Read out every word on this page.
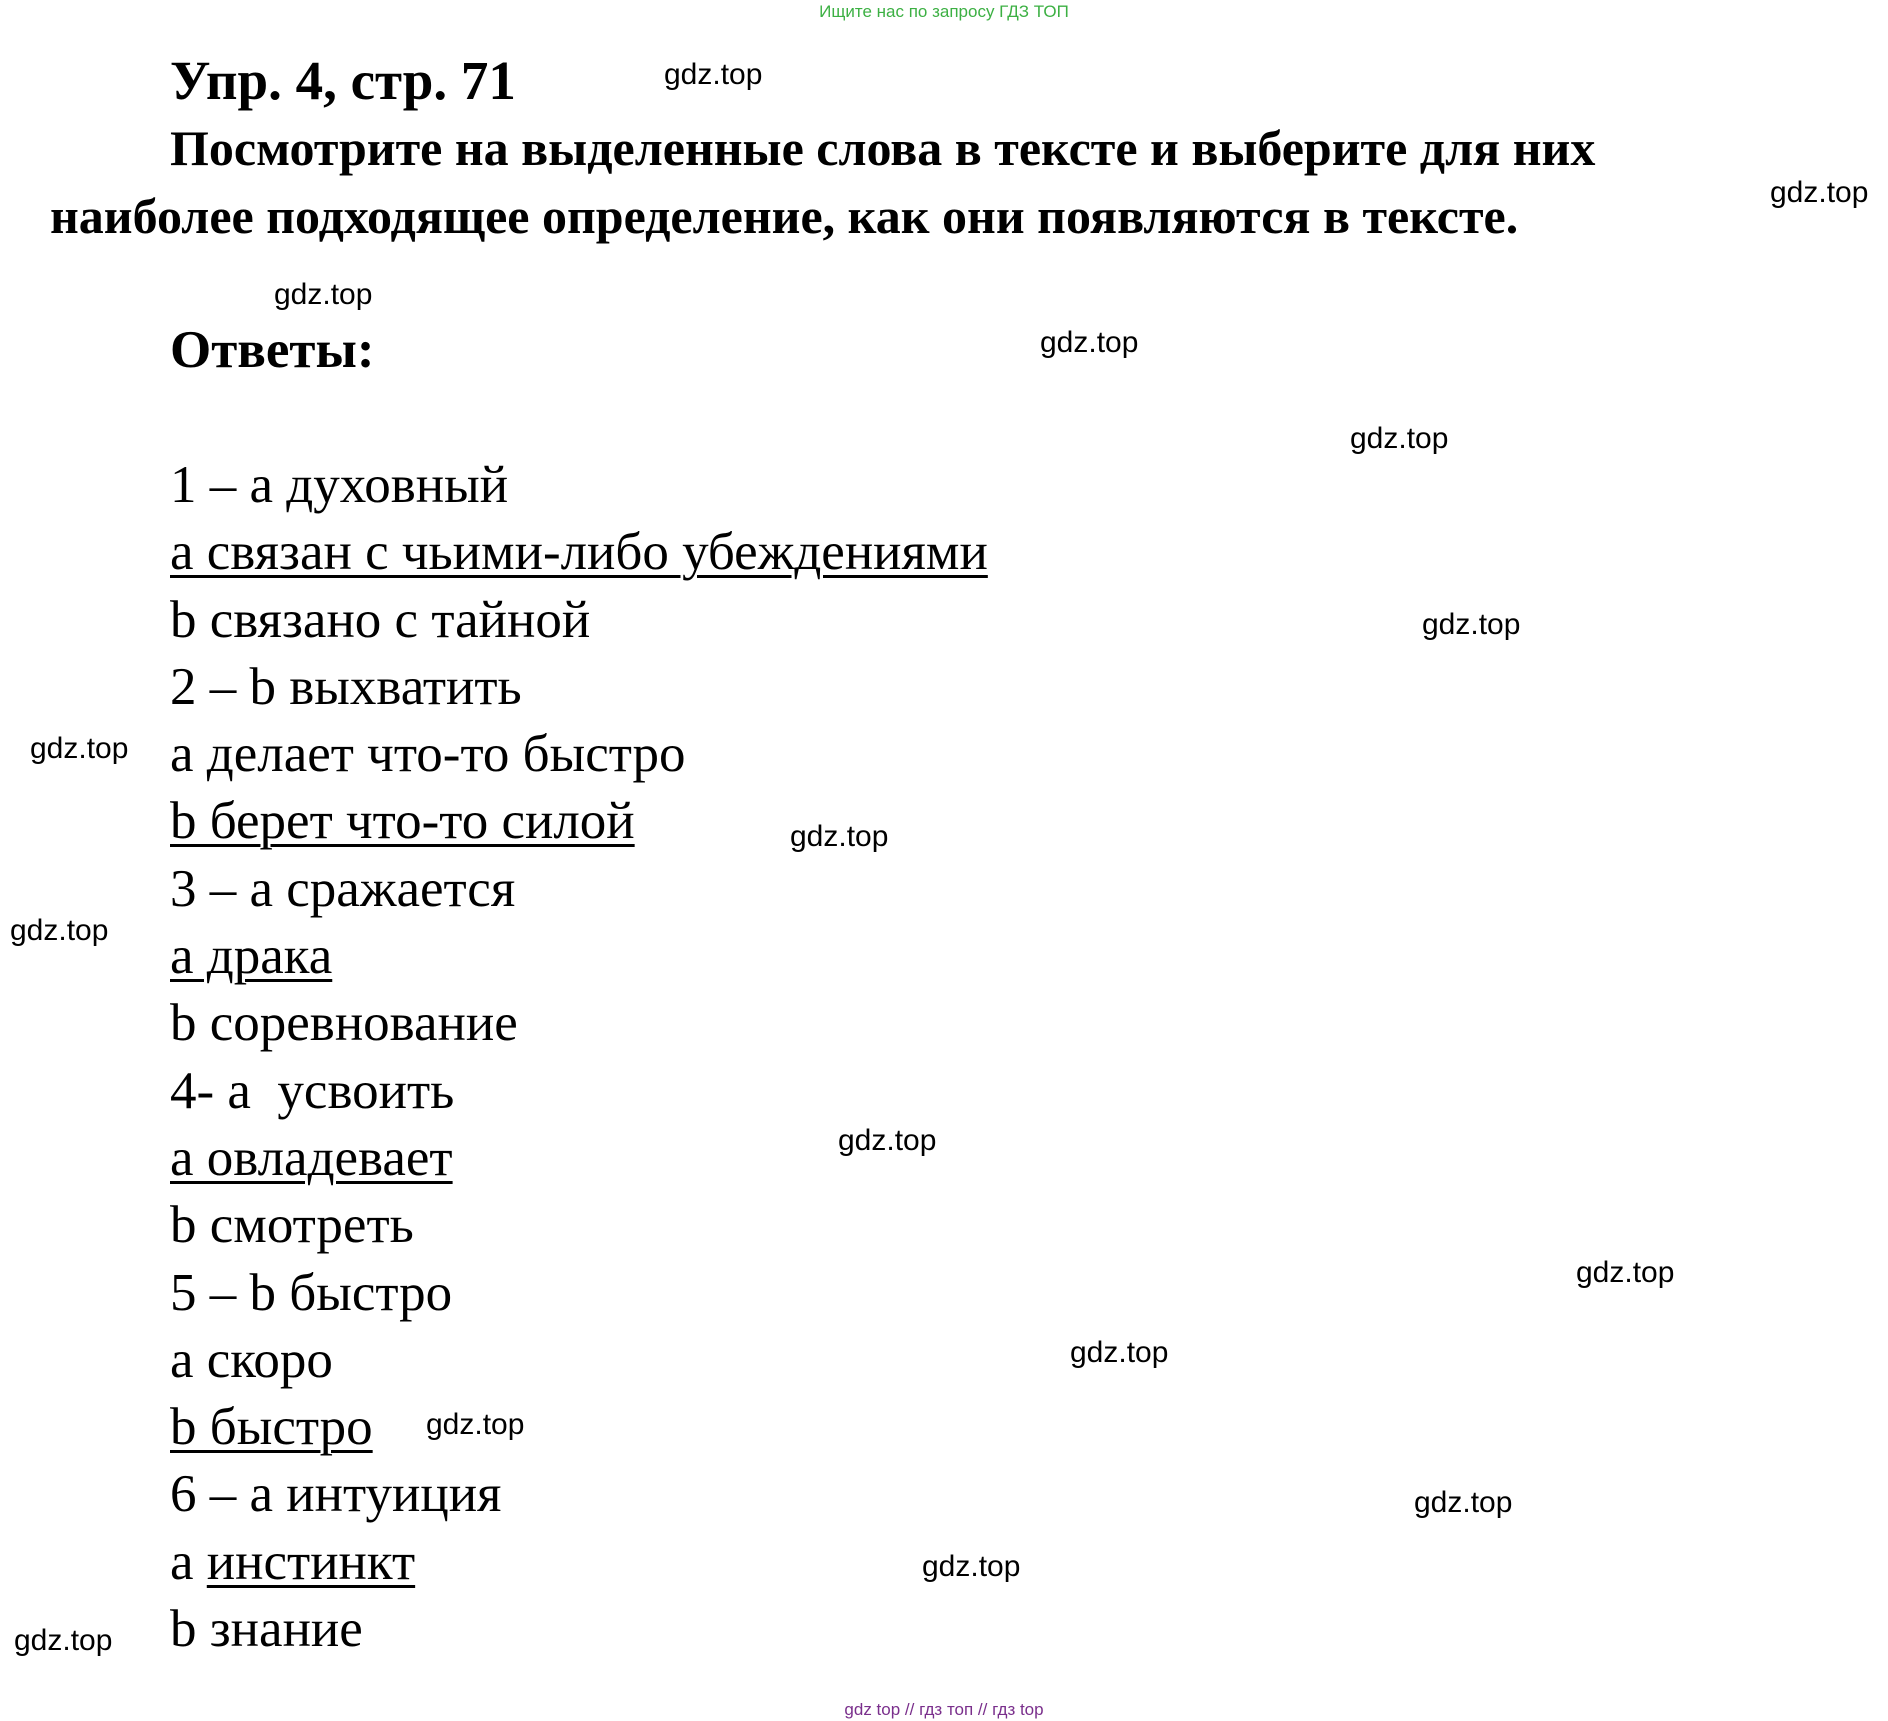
Ищите нас по запросу ГДЗ ТОП
Упр. 4, стр. 71
Посмотрите на выделенные слова в тексте и выберите для них
наиболее подходящее определение, как они появляются в тексте.
Ответы:
1 – a духовный
a связан с чьими-либо убеждениями
b связано с тайной
2 – b выхватить
a делает что-то быстро
b берет что-то силой
3 – a сражается
a драка
b соревнование
4- a  усвоить
a овладевает
b смотреть
5 – b быстро
a скоро
b быстро
6 – a интуиция
a инстинкт
b знание
gdz.top
gdz.top
gdz.top
gdz.top
gdz.top
gdz.top
gdz.top
gdz.top
gdz.top
gdz.top
gdz.top
gdz.top
gdz.top
gdz.top
gdz.top
gdz.top
gdz top // гдз топ // гдз top
